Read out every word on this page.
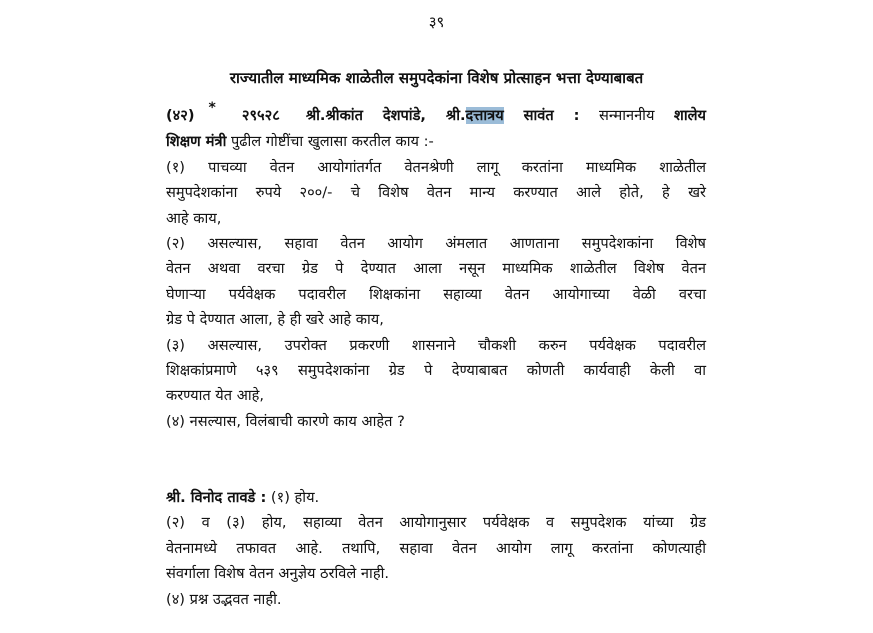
३९
राज्यातील माध्यमिक शाळेतील समुपदेकांना विशेष प्रोत्साहन भत्ता देण्याबाबत
(४२) * २९५२८ श्री.श्रीकांत देशपांडे, श्री.दत्तात्रय सावंत : सन्माननीय शालेय
शिक्षण मंत्री पुढील गोष्टींचा खुलासा करतील काय :-
(१) पाचव्या वेतन आयोगांतर्गत वेतनश्रेणी लागू करतांना माध्यमिक शाळेतील
समुपदेशकांना रुपये २००/- चे विशेष वेतन मान्य करण्यात आले होते, हे खरे
आहे काय,
(२) असल्यास, सहावा वेतन आयोग अंमलात आणताना समुपदेशकांना विशेष
वेतन अथवा वरचा ग्रेड पे देण्यात आला नसून माध्यमिक शाळेतील विशेष वेतन
घेणाऱ्या पर्यवेक्षक पदावरील शिक्षकांना सहाव्या वेतन आयोगाच्या वेळी वरचा
ग्रेड पे देण्यात आला, हे ही खरे आहे काय,
(३) असल्यास, उपरोक्त प्रकरणी शासनाने चौकशी करुन पर्यवेक्षक पदावरील
शिक्षकांप्रमाणे ५३९ समुपदेशकांना ग्रेड पे देण्याबाबत कोणती कार्यवाही केली वा
करण्यात येत आहे,
(४) नसल्यास, विलंबाची कारणे काय आहेत ?
श्री. विनोद तावडे : (१) होय.
(२) व (३) होय, सहाव्या वेतन आयोगानुसार पर्यवेक्षक व समुपदेशक यांच्या ग्रेड
वेतनामध्ये तफावत आहे. तथापि, सहावा वेतन आयोग लागू करतांना कोणत्याही
संवर्गाला विशेष वेतन अनुज्ञेय ठरविले नाही.
(४) प्रश्न उद्भवत नाही.
